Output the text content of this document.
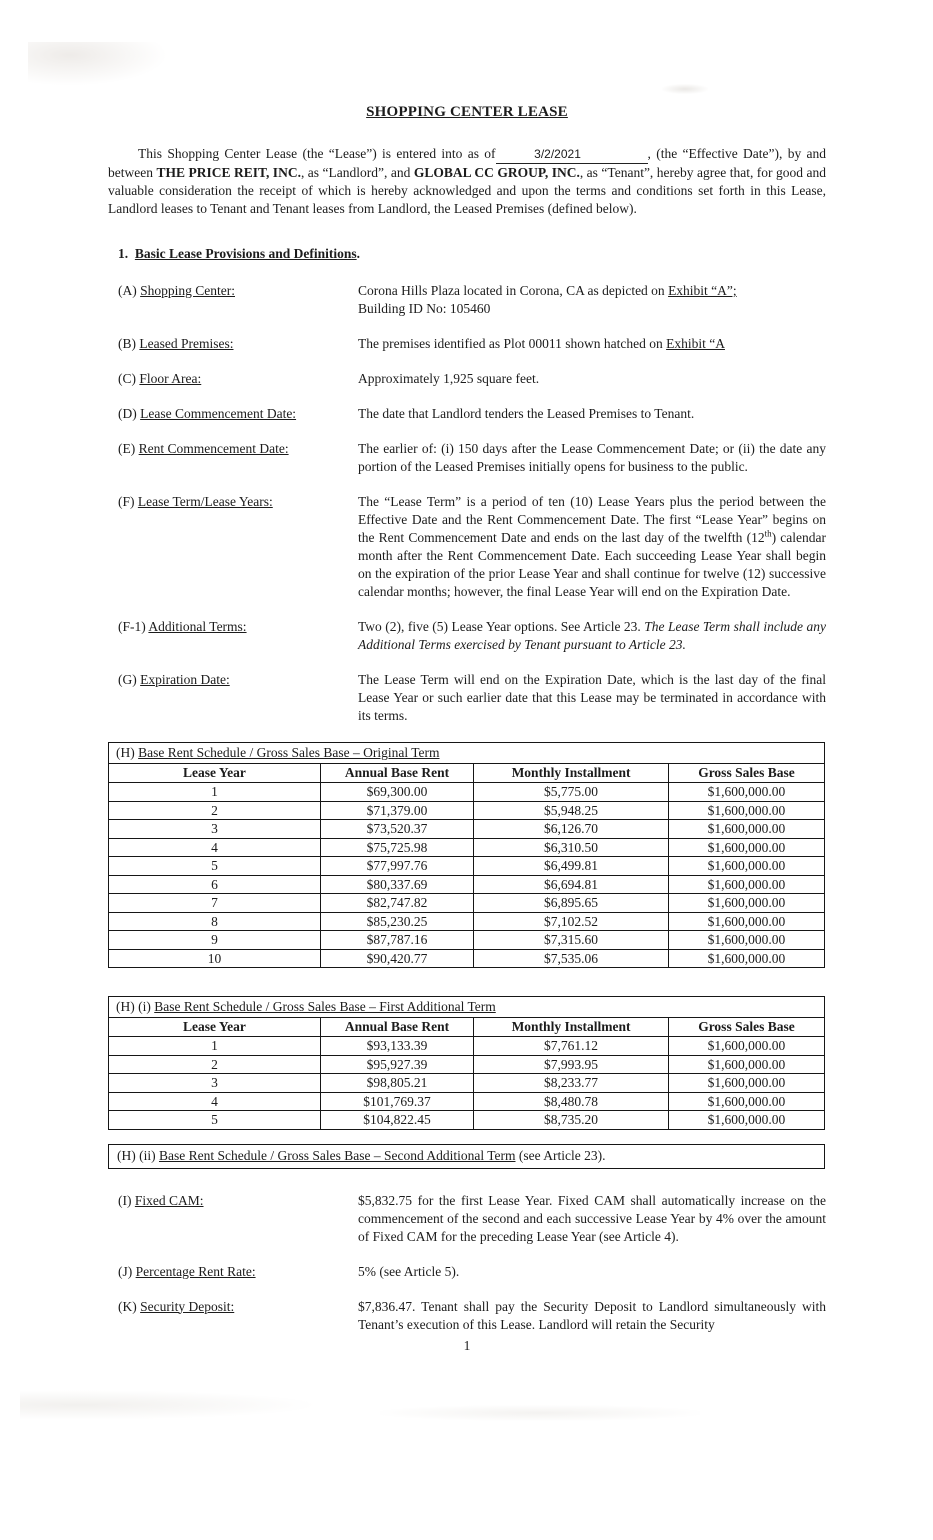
SHOPPING CENTER LEASE

This Shopping Center Lease (the “Lease”) is entered into as of	3/2/2021	, (the “Effective Date”), by and between THE PRICE REIT, INC., as “Landlord”, and GLOBAL CC GROUP, INC., as “Tenant”, hereby agree that, for good and valuable consideration the receipt of which is hereby acknowledged and upon the terms and conditions set forth in this Lease, Landlord leases to Tenant and Tenant leases from Landlord, the Leased Premises (defined below).

1. Basic Lease Provisions and Definitions.
(A) Shopping Center:	Corona Hills Plaza located in Corona, CA as depicted on Exhibit “A”;
Building ID No: 105460
(B) Leased Premises:	The premises identified as Plot 00011 shown hatched on Exhibit “A
(C) Floor Area:	Approximately 1,925 square feet.
(D) Lease Commencement Date:	The date that Landlord tenders the Leased Premises to Tenant.
(E) Rent Commencement Date:	The earlier of: (i) 150 days after the Lease Commencement Date; or (ii) the date any portion of the Leased Premises initially opens for business to the public.
(F) Lease Term/Lease Years:	The “Lease Term” is a period of ten (10) Lease Years plus the period between the Effective Date and the Rent Commencement Date. The first “Lease Year” begins on the Rent Commencement Date and ends on the last day of the twelfth (12th) calendar month after the Rent Commencement Date. Each succeeding Lease Year shall begin on the expiration of the prior Lease Year and shall continue for twelve (12) successive calendar months; however, the final Lease Year will end on the Expiration Date.
(F-1) Additional Terms:	Two (2), five (5) Lease Year options. See Article 23. The Lease Term shall include any Additional Terms exercised by Tenant pursuant to Article 23.
(G) Expiration Date:	The Lease Term will end on the Expiration Date, which is the last day of the final Lease Year or such earlier date that this Lease may be terminated in accordance with its terms.
(H) Base Rent Schedule / Gross Sales Base – Original Term			
Lease Year	Annual Base Rent	Monthly Installment	Gross Sales Base
1	$69,300.00	$5,775.00	$1,600,000.00
2	$71,379.00	$5,948.25	$1,600,000.00
3	$73,520.37	$6,126.70	$1,600,000.00
4	$75,725.98	$6,310.50	$1,600,000.00
5	$77,997.76	$6,499.81	$1,600,000.00
6	$80,337.69	$6,694.81	$1,600,000.00
7	$82,747.82	$6,895.65	$1,600,000.00
8	$85,230.25	$7,102.52	$1,600,000.00
9	$87,787.16	$7,315.60	$1,600,000.00
10	$90,420.77	$7,535.06	$1,600,000.00
(H) (i) Base Rent Schedule / Gross Sales Base – First Additional Term			
Lease Year	Annual Base Rent	Monthly Installment	Gross Sales Base
1	$93,133.39	$7,761.12	$1,600,000.00
2	$95,927.39	$7,993.95	$1,600,000.00
3	$98,805.21	$8,233.77	$1,600,000.00
4	$101,769.37	$8,480.78	$1,600,000.00
5	$104,822.45	$8,735.20	$1,600,000.00
(H) (ii) Base Rent Schedule / Gross Sales Base – Second Additional Term (see Article 23).
(I) Fixed CAM:	$5,832.75 for the first Lease Year. Fixed CAM shall automatically increase on the commencement of the second and each successive Lease Year by 4% over the amount of Fixed CAM for the preceding Lease Year (see Article 4).
(J) Percentage Rent Rate:	5% (see Article 5).
(K) Security Deposit:	$7,836.47. Tenant shall pay the Security Deposit to Landlord simultaneously with Tenant’s execution of this Lease. Landlord will retain the Security
1
